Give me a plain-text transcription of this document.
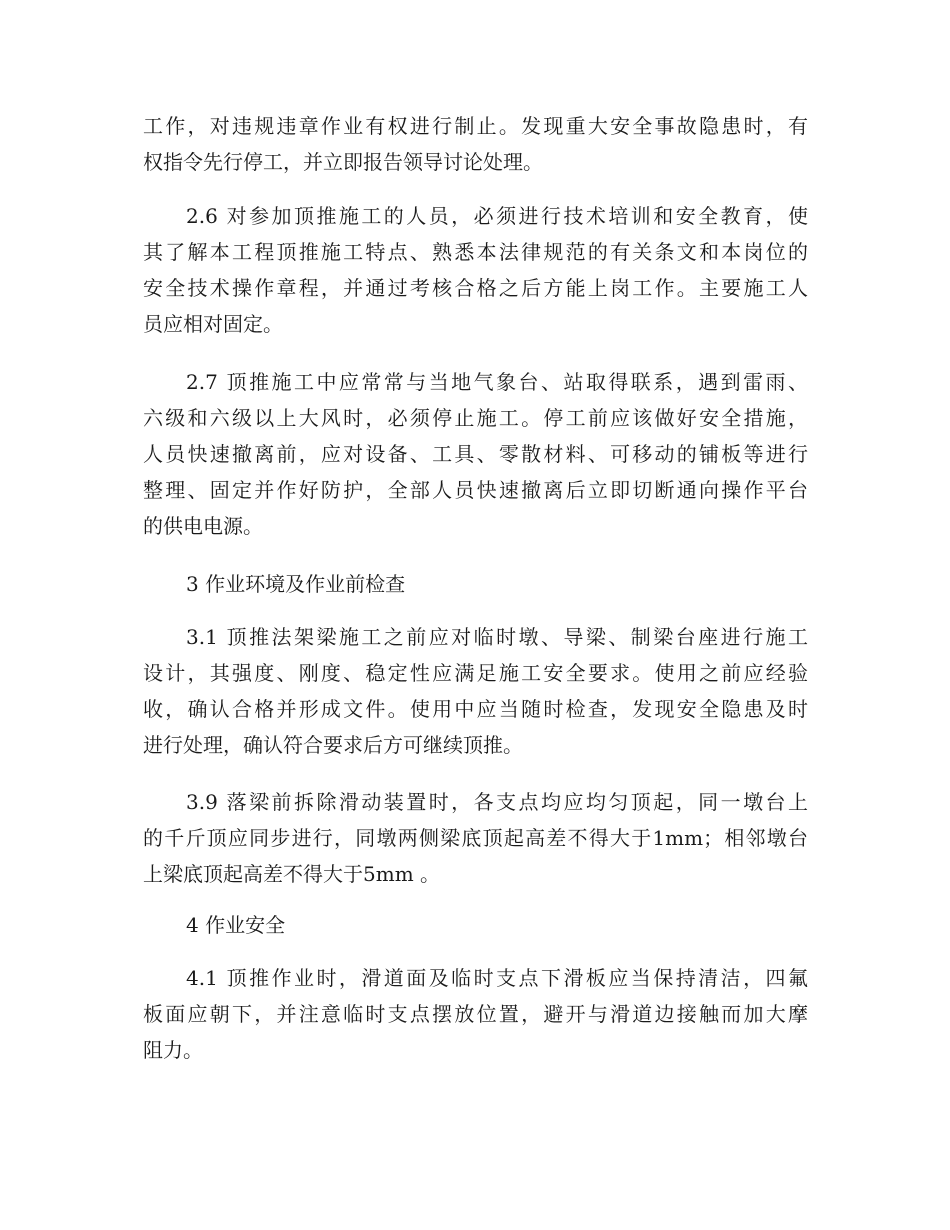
工作，对违规违章作业有权进行制止。发现重大安全事故隐患时，有
权指令先行停工，并立即报告领导讨论处理。
2.6 对参加顶推施工的人员，必须进行技术培训和安全教育，使
其了解本工程顶推施工特点、熟悉本法律规范的有关条文和本岗位的
安全技术操作章程，并通过考核合格之后方能上岗工作。主要施工人
员应相对固定。
2.7 顶推施工中应常常与当地气象台、站取得联系，遇到雷雨、
六级和六级以上大风时，必须停止施工。停工前应该做好安全措施，
人员快速撤离前，应对设备、工具、零散材料、可移动的铺板等进行
整理、固定并作好防护，全部人员快速撤离后立即切断通向操作平台
的供电电源。
3 作业环境及作业前检查
3.1 顶推法架梁施工之前应对临时墩、导梁、制梁台座进行施工
设计，其强度、刚度、稳定性应满足施工安全要求。使用之前应经验
收，确认合格并形成文件。使用中应当随时检查，发现安全隐患及时
进行处理，确认符合要求后方可继续顶推。
3.9 落梁前拆除滑动装置时，各支点均应均匀顶起，同一墩台上
的千斤顶应同步进行，同墩两侧梁底顶起高差不得大于1mm；相邻墩台
上梁底顶起高差不得大于5mm 。
4 作业安全
4.1 顶推作业时，滑道面及临时支点下滑板应当保持清洁，四氟
板面应朝下，并注意临时支点摆放位置，避开与滑道边接触而加大摩
阻力。
